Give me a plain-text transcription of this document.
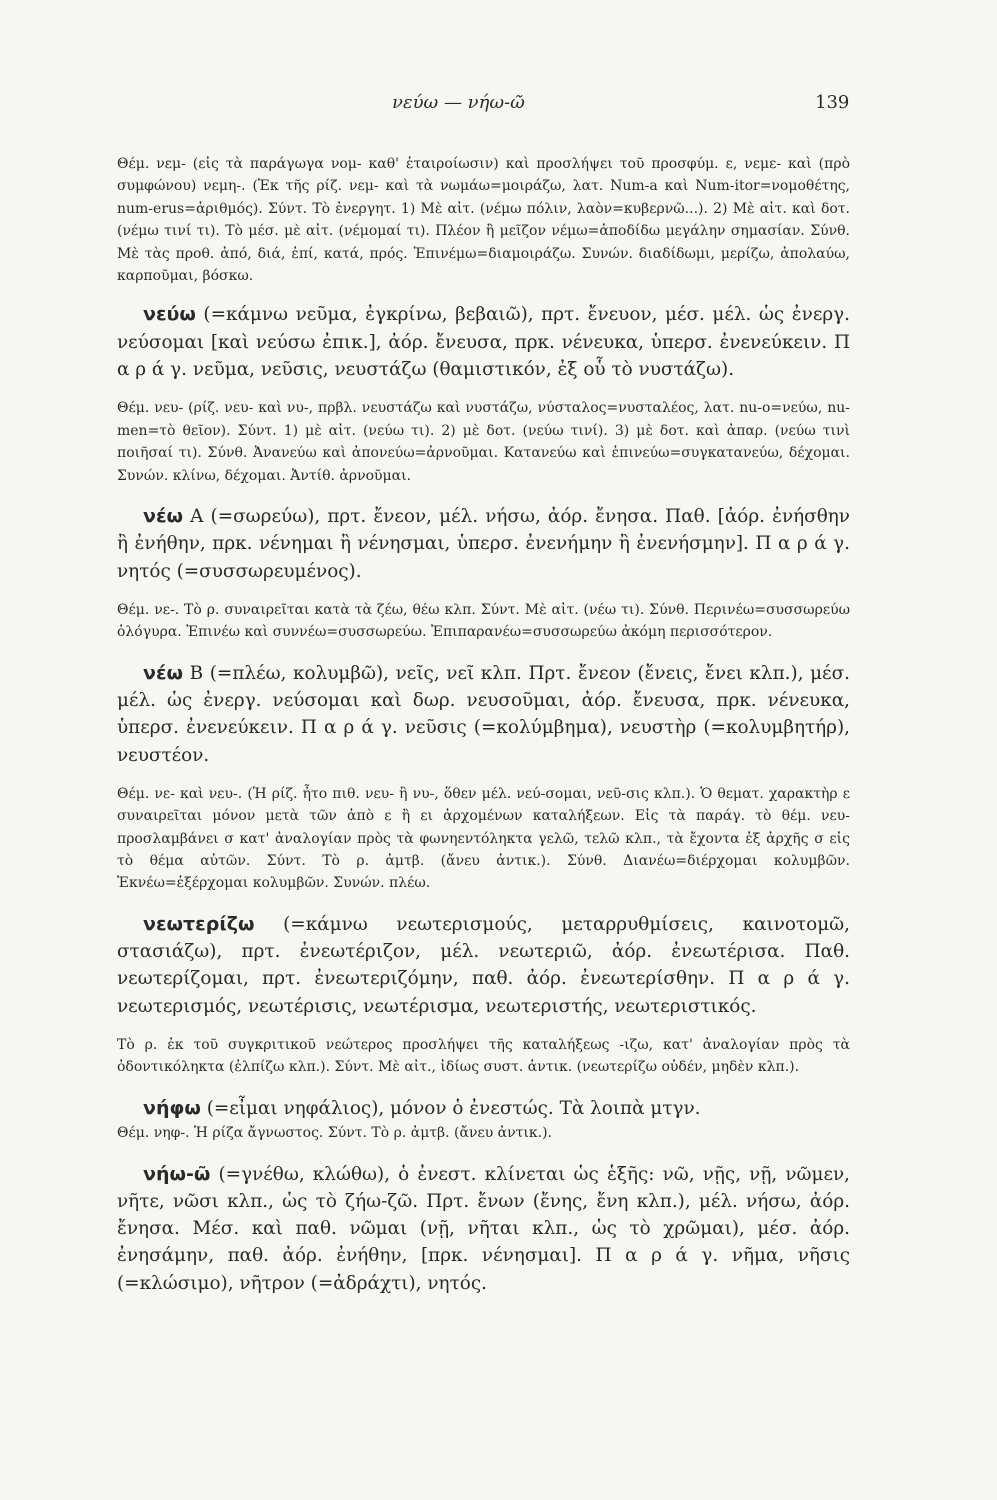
νεύω — νήω-ῶ	139

Θέμ. νεμ- (εἰς τὰ παράγωγα νομ- καθ' ἑταιροίωσιν) καὶ προσλήψει τοῦ προσφύμ. ε, νεμε- καὶ (πρὸ συμφώνου) νεμη-. (Ἐκ τῆς ρίζ. νεμ- καὶ τὰ νωμάω=μοιράζω, λατ. Num-a καὶ Num-itor=νομοθέτης, num-erus=ἀριθμός). Σύντ. Τὸ ἐνεργητ. 1) Μὲ αἰτ. (νέμω πόλιν, λαὸν=κυβερνῶ...). 2) Μὲ αἰτ. καὶ δοτ. (νέμω τινί τι). Τὸ μέσ. μὲ αἰτ. (νέμομαί τι). Πλέον ἢ μεῖζον νέμω=ἀποδίδω μεγάλην σημασίαν. Σύνθ. Μὲ τὰς προθ. ἀπό, διά, ἐπί, κατά, πρός. Ἐπινέμω=διαμοιράζω. Συνών. διαδίδωμι, μερίζω, ἀπολαύω, καρποῦμαι, βόσκω.

νεύω (=κάμνω νεῦμα, ἐγκρίνω, βεβαιῶ), πρτ. ἔνευον, μέσ. μέλ. ὡς ἐνεργ. νεύσομαι [καὶ νεύσω ἐπικ.], ἀόρ. ἔνευσα, πρκ. νένευκα, ὑπερσ. ἐνενεύκειν. Π α ρ ά γ. νεῦμα, νεῦσις, νευστάζω (θαμιστικόν, ἐξ οὗ τὸ νυστάζω).

Θέμ. νευ- (ρίζ. νευ- καὶ νυ-, πρβλ. νευστάζω καὶ νυστάζω, νύσταλος=νυσταλέος, λατ. nu-o=νεύω, nu-men=τὸ θεῖον). Σύντ. 1) μὲ αἰτ. (νεύω τι). 2) μὲ δοτ. (νεύω τινί). 3) μὲ δοτ. καὶ ἀπαρ. (νεύω τινὶ ποιῆσαί τι). Σύνθ. Ἀνανεύω καὶ ἀπονεύω=ἀρνοῦμαι. Κατανεύω καὶ ἐπινεύω=συγκατανεύω, δέχομαι. Συνών. κλίνω, δέχομαι. Ἀντίθ. ἀρνοῦμαι.

νέω Α (=σωρεύω), πρτ. ἔνεον, μέλ. νήσω, ἀόρ. ἔνησα. Παθ. [ἀόρ. ἐνήσθην ἢ ἐνήθην, πρκ. νένημαι ἢ νένησμαι, ὑπερσ. ἐνενήμην ἢ ἐνενήσμην]. Π α ρ ά γ. νητός (=συσσωρευμένος).

Θέμ. νε-. Τὸ ρ. συναιρεῖται κατὰ τὰ ζέω, θέω κλπ. Σύντ. Μὲ αἰτ. (νέω τι). Σύνθ. Περινέω=συσσωρεύω ὁλόγυρα. Ἐπινέω καὶ συννέω=συσσωρεύω. Ἐπιπαρανέω=συσσωρεύω ἀκόμη περισσότερον.

νέω Β (=πλέω, κολυμβῶ), νεῖς, νεῖ κλπ. Πρτ. ἔνεον (ἔνεις, ἔνει κλπ.), μέσ. μέλ. ὡς ἐνεργ. νεύσομαι καὶ δωρ. νευσοῦμαι, ἀόρ. ἔνευσα, πρκ. νένευκα, ὑπερσ. ἐνενεύκειν. Π α ρ ά γ. νεῦσις (=κολύμβημα), νευστὴρ (=κολυμβητήρ), νευστέον.

Θέμ. νε- καὶ νευ-. (Ἡ ρίζ. ἦτο πιθ. νευ- ἢ νυ-, ὅθεν μέλ. νεύ-σομαι, νεῦ-σις κλπ.). Ὁ θεματ. χαρακτὴρ ε συναιρεῖται μόνον μετὰ τῶν ἀπὸ ε ἢ ει ἀρχομένων καταλήξεων. Εἰς τὰ παράγ. τὸ θέμ. νευ- προσλαμβάνει σ κατ' ἀναλογίαν πρὸς τὰ φωνηεντόληκτα γελῶ, τελῶ κλπ., τὰ ἔχοντα ἐξ ἀρχῆς σ εἰς τὸ θέμα αὐτῶν. Σύντ. Τὸ ρ. ἀμτβ. (ἄνευ ἀντικ.). Σύνθ. Διανέω=διέρχομαι κολυμβῶν. Ἐκνέω=ἐξέρχομαι κολυμβῶν. Συνών. πλέω.

νεωτερίζω (=κάμνω νεωτερισμούς, μεταρρυθμίσεις, καινοτομῶ, στασιάζω), πρτ. ἐνεωτέριζον, μέλ. νεωτεριῶ, ἀόρ. ἐνεωτέρισα. Παθ. νεωτερίζομαι, πρτ. ἐνεωτεριζόμην, παθ. ἀόρ. ἐνεωτερίσθην. Π α ρ ά γ. νεωτερισμός, νεωτέρισις, νεωτέρισμα, νεωτεριστής, νεωτεριστικός.

Τὸ ρ. ἐκ τοῦ συγκριτικοῦ νεώτερος προσλήψει τῆς καταλήξεως -ιζω, κατ' ἀναλογίαν πρὸς τὰ ὀδοντικόληκτα (ἐλπίζω κλπ.). Σύντ. Μὲ αἰτ., ἰδίως συστ. ἀντικ. (νεωτερίζω οὐδέν, μηδὲν κλπ.).

νήφω (=εἶμαι νηφάλιος), μόνον ὁ ἐνεστώς. Τὰ λοιπὰ μτγν.

Θέμ. νηφ-. Ἡ ρίζα ἄγνωστος. Σύντ. Τὸ ρ. ἀμτβ. (ἄνευ ἀντικ.).

νήω-ῶ (=γνέθω, κλώθω), ὁ ἐνεστ. κλίνεται ὡς ἑξῆς: νῶ, νῇς, νῇ, νῶμεν, νῆτε, νῶσι κλπ., ὡς τὸ ζήω-ζῶ. Πρτ. ἔνων (ἔνης, ἔνη κλπ.), μέλ. νήσω, ἀόρ. ἔνησα. Μέσ. καὶ παθ. νῶμαι (νῇ, νῆται κλπ., ὡς τὸ χρῶμαι), μέσ. ἀόρ. ἐνησάμην, παθ. ἀόρ. ἐνήθην, [πρκ. νένησμαι]. Π α ρ ά γ. νῆμα, νῆσις (=κλώσιμο), νῆτρον (=ἀδράχτι), νητός.
